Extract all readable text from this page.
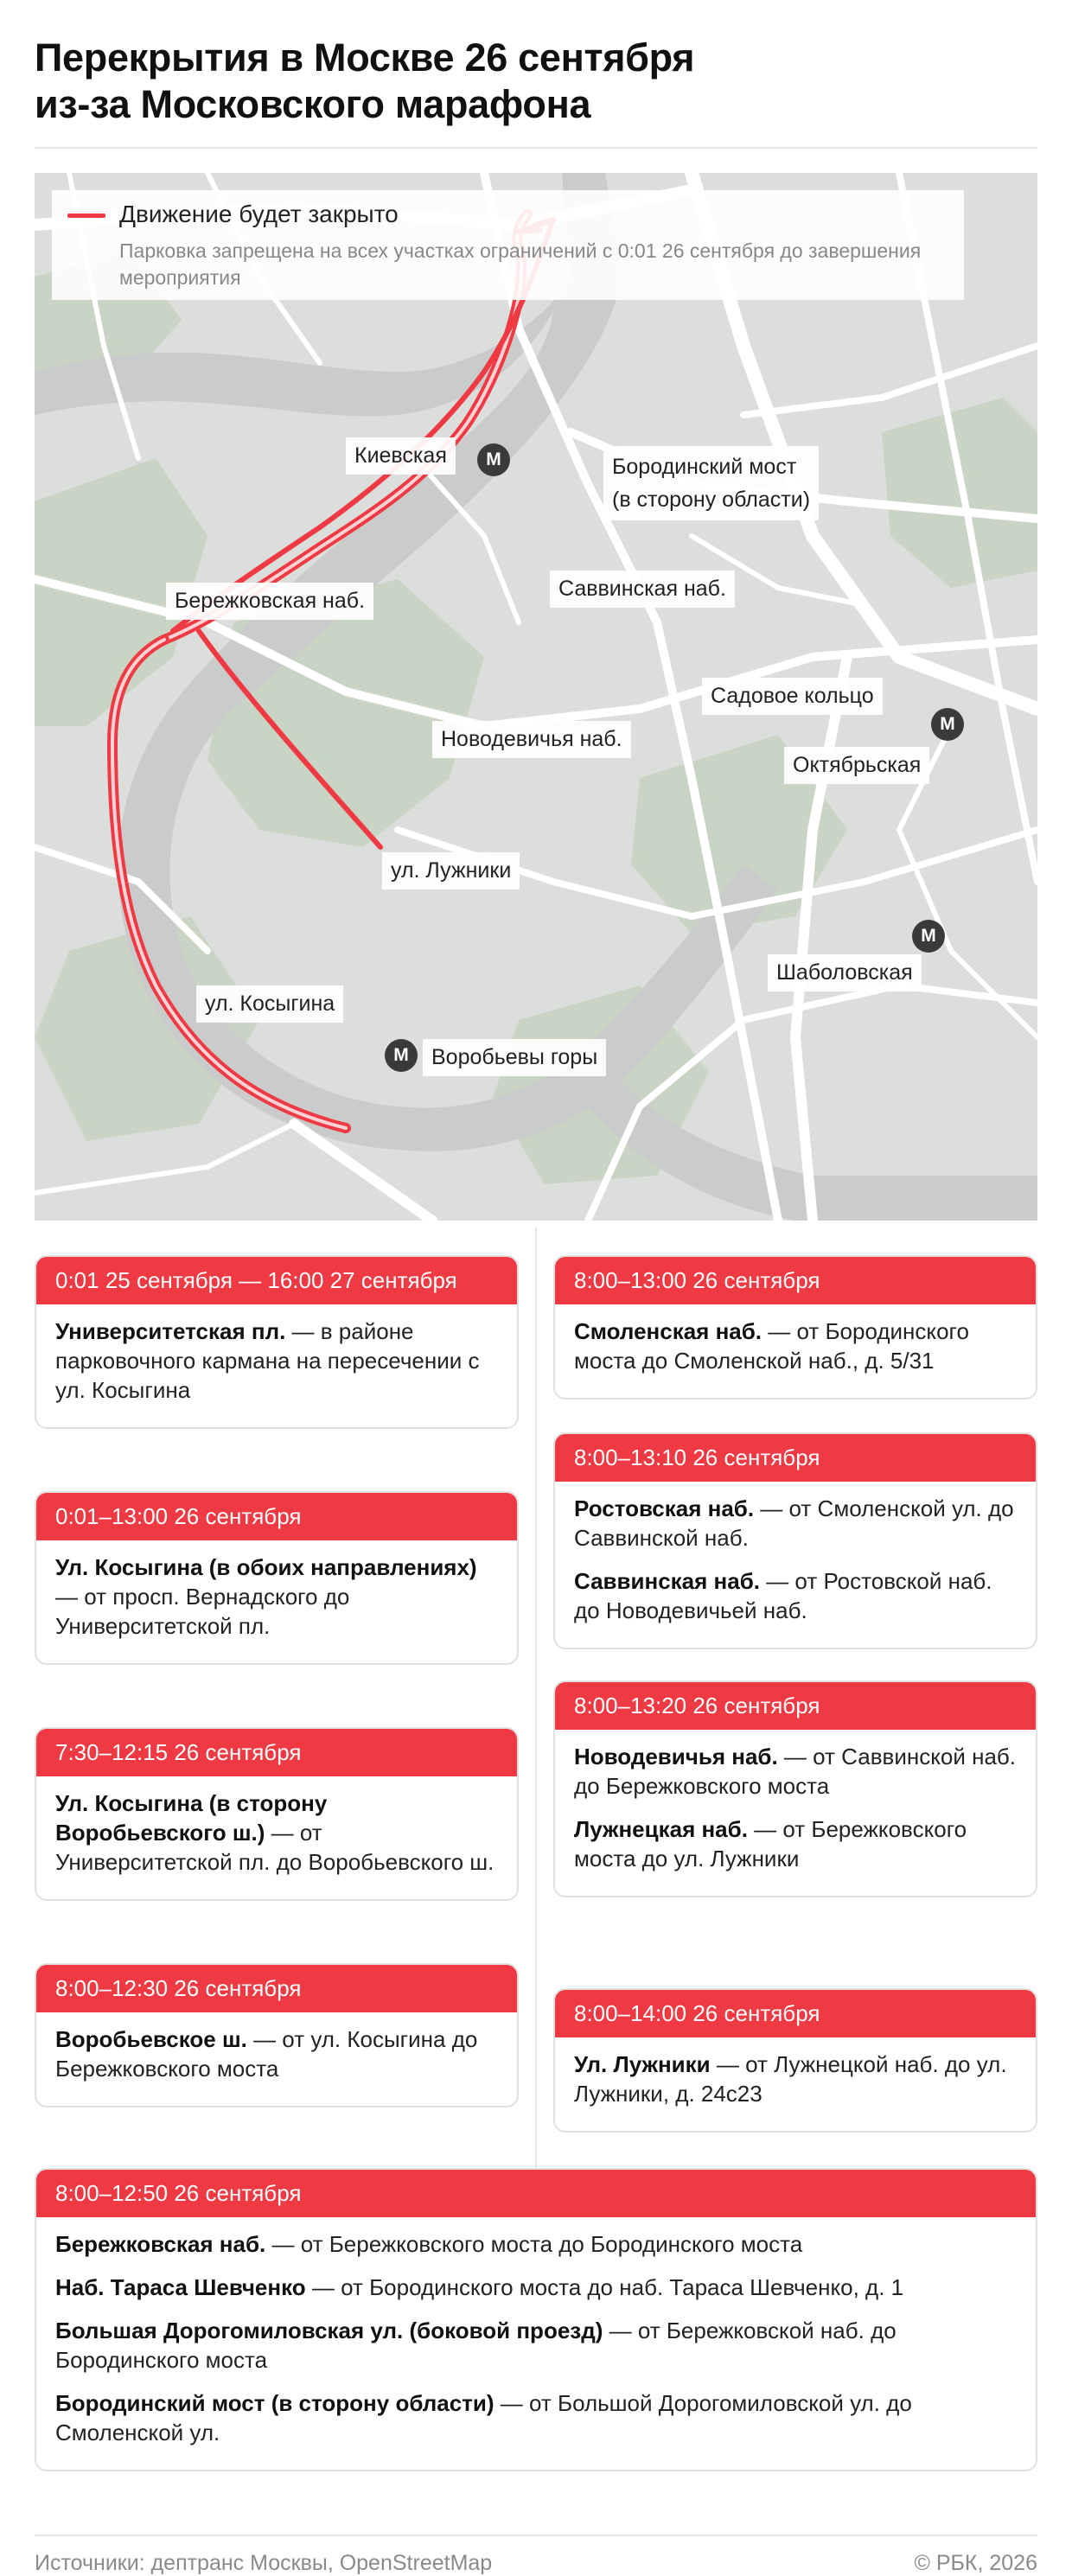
Перекрытия в Москве 26 сентября
из-за Московского марафона
Движение будет закрыто
Парковка запрещена на всех участках ограничений с 0:01 26 сентября до завершения мероприятия
Киевская	М	Бородинский мост
(в сторону области)
Бережковская наб.	Саввинская наб.
Садовое кольцо
М
Октябрьская
Новодевичья наб.
ул. Лужники
М
Шаболовская
ул. Косыгина
М	Воробьевы горы
0:01 25 сентября — 16:00 27 сентября
Университетская пл. — в районе парковочного кармана на пересечении с ул. Косыгина
0:01–13:00 26 сентября
Ул. Косыгина (в обоих направлениях) — от просп. Вернадского до Университетской пл.
7:30–12:15 26 сентября
Ул. Косыгина (в сторону Воробьевского ш.) — от Университетской пл. до Воробьевского ш.
8:00–12:30 26 сентября
Воробьевское ш. — от ул. Косыгина до Бережковского моста
8:00–13:00 26 сентября
Смоленская наб. — от Бородинского моста до Смоленской наб., д. 5/31
8:00–13:10 26 сентября
Ростовская наб. — от Смоленской ул. до Саввинской наб.
Саввинская наб. — от Ростовской наб. до Новодевичьей наб.
8:00–13:20 26 сентября
Новодевичья наб. — от Саввинской наб. до Бережковского моста
Лужнецкая наб. — от Бережковского моста до ул. Лужники
8:00–14:00 26 сентября
Ул. Лужники — от Лужнецкой наб. до ул. Лужники, д. 24с23
8:00–12:50 26 сентября
Бережковская наб. — от Бережковского моста до Бородинского моста
Наб. Тараса Шевченко — от Бородинского моста до наб. Тараса Шевченко, д. 1
Большая Дорогомиловская ул. (боковой проезд) — от Бережковской наб. до Бородинского моста
Бородинский мост (в сторону области) — от Большой Дорогомиловской ул. до Смоленской ул.
Источники: дептранс Москвы, OpenStreetMap	© РБК, 2026
